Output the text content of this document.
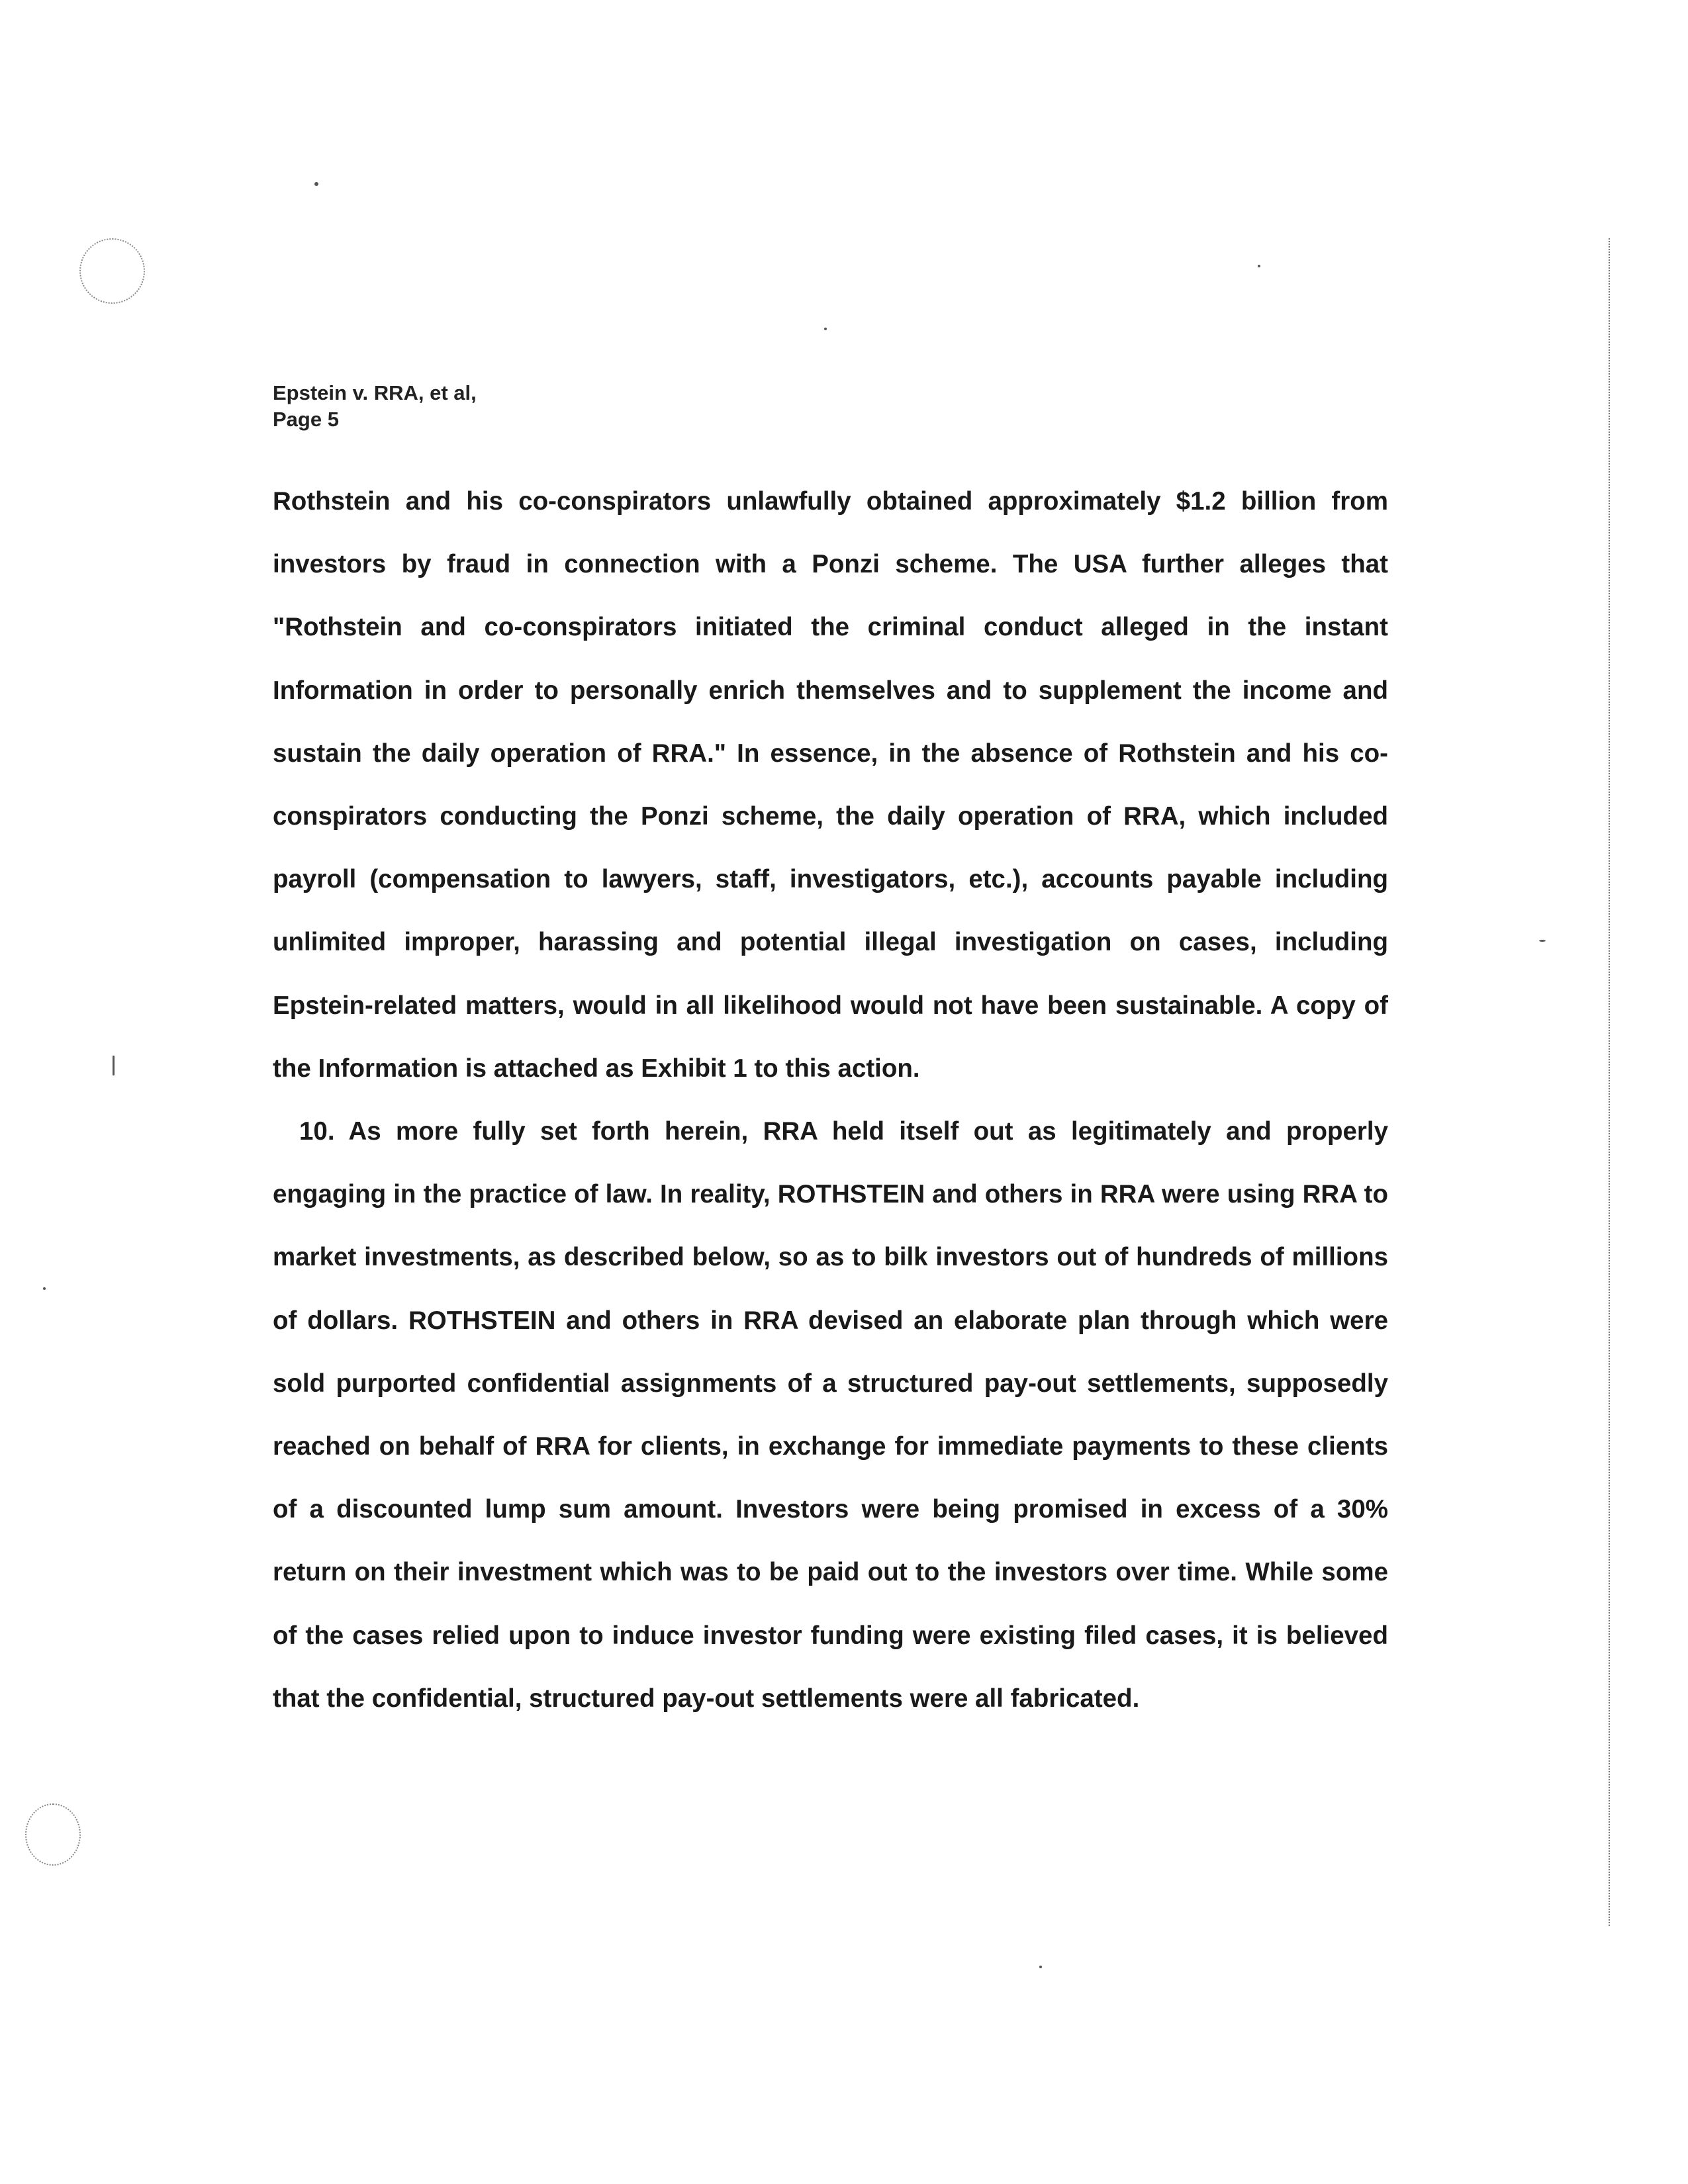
Epstein v. RRA, et al,
Page 5

Rothstein and his co-conspirators unlawfully obtained approximately $1.2 billion from investors by fraud in connection with a Ponzi scheme. The USA further alleges that "Rothstein and co-conspirators initiated the criminal conduct alleged in the instant Information in order to personally enrich themselves and to supplement the income and sustain the daily operation of RRA." In essence, in the absence of Rothstein and his co-conspirators conducting the Ponzi scheme, the daily operation of RRA, which included payroll (compensation to lawyers, staff, investigators, etc.), accounts payable including unlimited improper, harassing and potential illegal investigation on cases, including Epstein-related matters, would in all likelihood would not have been sustainable. A copy of the Information is attached as Exhibit 1 to this action.

10. As more fully set forth herein, RRA held itself out as legitimately and properly engaging in the practice of law. In reality, ROTHSTEIN and others in RRA were using RRA to market investments, as described below, so as to bilk investors out of hundreds of millions of dollars. ROTHSTEIN and others in RRA devised an elaborate plan through which were sold purported confidential assignments of a structured pay-out settlements, supposedly reached on behalf of RRA for clients, in exchange for immediate payments to these clients of a discounted lump sum amount. Investors were being promised in excess of a 30% return on their investment which was to be paid out to the investors over time. While some of the cases relied upon to induce investor funding were existing filed cases, it is believed that the confidential, structured pay-out settlements were all fabricated.
